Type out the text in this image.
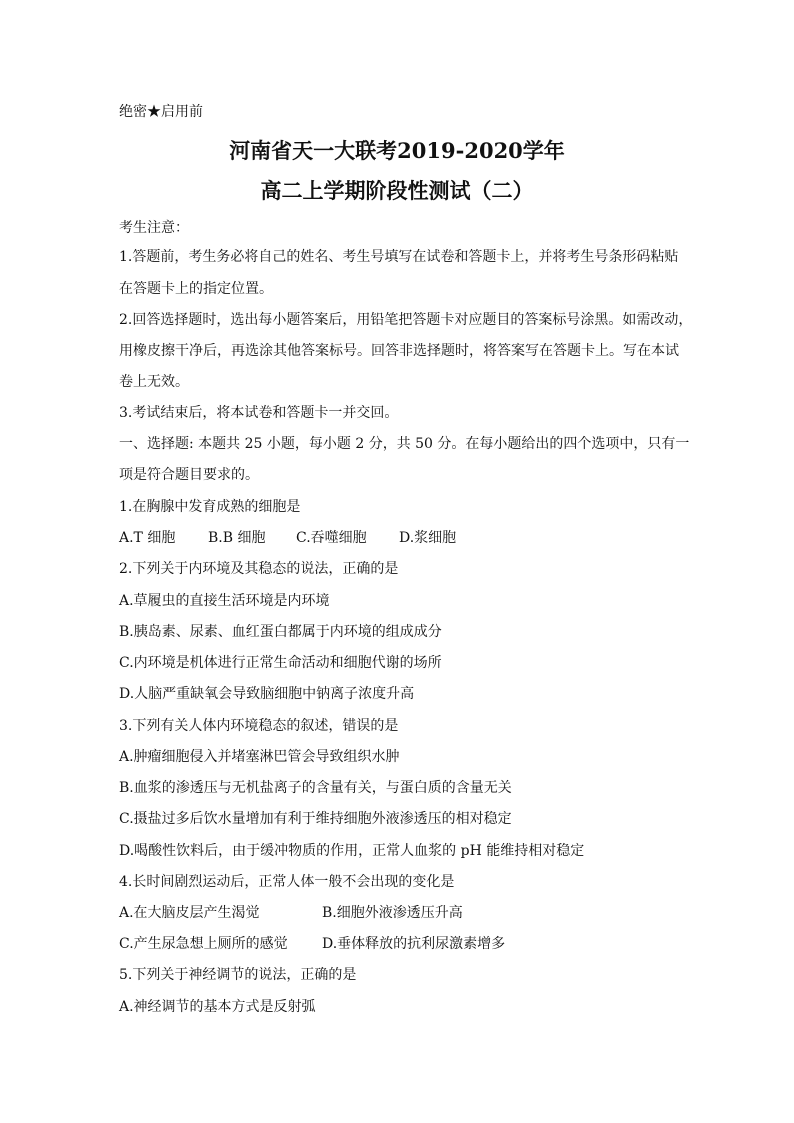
绝密★启用前
河南省天一大联考2019-2020学年
高二上学期阶段性测试（二）
考生注意：
1.答题前，考生务必将自己的姓名、考生号填写在试卷和答题卡上，并将考生号条形码粘贴
在答题卡上的指定位置。
2.回答选择题时，选出每小题答案后，用铅笔把答题卡对应题目的答案标号涂黑。如需改动，
用橡皮擦干净后，再选涂其他答案标号。回答非选择题时，将答案写在答题卡上。写在本试
卷上无效。
3.考试结束后，将本试卷和答题卡一并交回。
一、选择题: 本题共 25 小题，每小题 2 分，共 50 分。在每小题给出的四个选项中，只有一
项是符合题目要求的。
1.在胸腺中发育成熟的细胞是
A.T 细胞 B.B 细胞 C.吞噬细胞 D.浆细胞
2.下列关于内环境及其稳态的说法，正确的是
A.草履虫的直接生活环境是内环境
B.胰岛素、尿素、血红蛋白都属于内环境的组成成分
C.内环境是机体进行正常生命活动和细胞代谢的场所
D.人脑严重缺氧会导致脑细胞中钠离子浓度升高
3.下列有关人体内环境稳态的叙述，错误的是
A.肿瘤细胞侵入并堵塞淋巴管会导致组织水肿
B.血浆的渗透压与无机盐离子的含量有关，与蛋白质的含量无关
C.摄盐过多后饮水量增加有利于维持细胞外液渗透压的相对稳定
D.喝酸性饮料后，由于缓冲物质的作用，正常人血浆的 pH 能维持相对稳定
4.长时间剧烈运动后，正常人体一般不会出现的变化是
A.在大脑皮层产生渴觉	B.细胞外液渗透压升高
C.产生尿急想上厕所的感觉 D.垂体释放的抗利尿激素增多
5.下列关于神经调节的说法，正确的是
A.神经调节的基本方式是反射弧
